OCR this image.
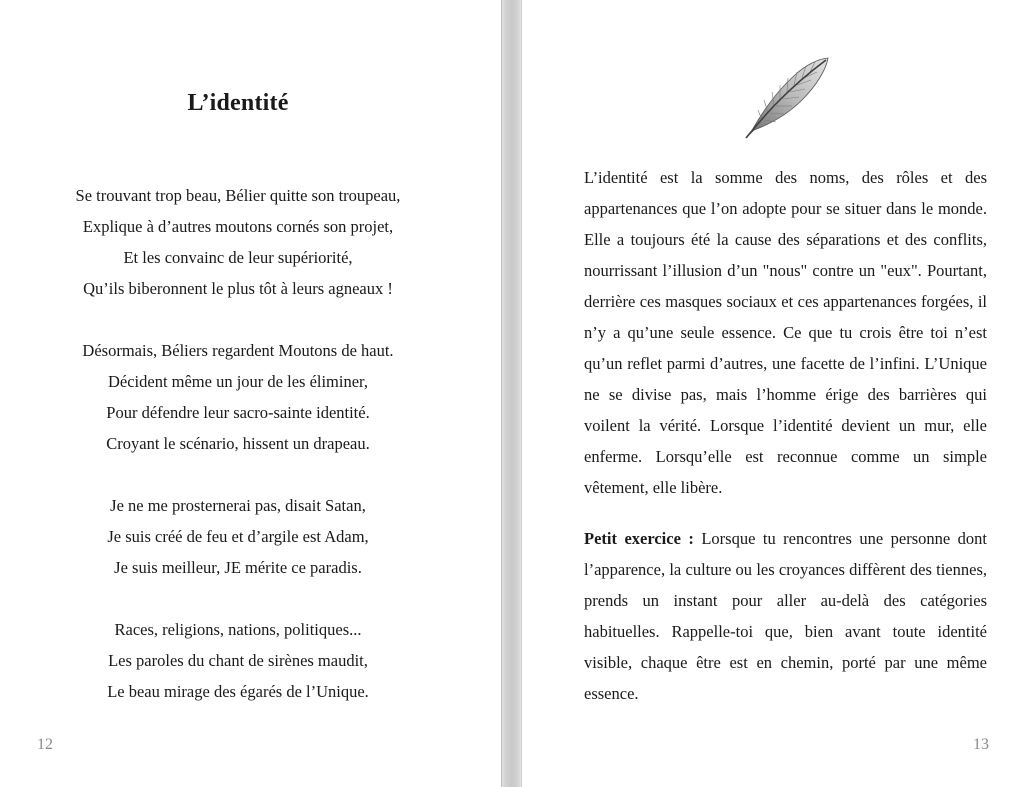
L’identité
Se trouvant trop beau, Bélier quitte son troupeau,
Explique à d’autres moutons cornés son projet,
Et les convainc de leur supériorité,
Qu’ils biberonnent le plus tôt à leurs agneaux !
Désormais, Béliers regardent Moutons de haut.
Décident même un jour de les éliminer,
Pour défendre leur sacro-sainte identité.
Croyant le scénario, hissent un drapeau.
Je ne me prosternerai pas, disait Satan,
Je suis créé de feu et d’argile est Adam,
Je suis meilleur, JE mérite ce paradis.
Races, religions, nations, politiques...
Les paroles du chant de sirènes maudit,
Le beau mirage des égarés de l’Unique.
12

L’identité est la somme des noms, des rôles et des appartenances que l’on adopte pour se situer dans le monde. Elle a toujours été la cause des séparations et des conflits, nourrissant l’illusion d’un "nous" contre un "eux". Pourtant, derrière ces masques sociaux et ces appartenances forgées, il n’y a qu’une seule essence. Ce que tu crois être toi n’est qu’un reflet parmi d’autres, une facette de l’infini. L’Unique ne se divise pas, mais l’homme érige des barrières qui voilent la vérité. Lorsque l’identité devient un mur, elle enferme. Lorsqu’elle est reconnue comme un simple vêtement, elle libère.

Petit exercice : Lorsque tu rencontres une personne dont l’apparence, la culture ou les croyances diffèrent des tiennes, prends un instant pour aller au-delà des catégories habituelles. Rappelle-toi que, bien avant toute identité visible, chaque être est en chemin, porté par une même essence.

13
